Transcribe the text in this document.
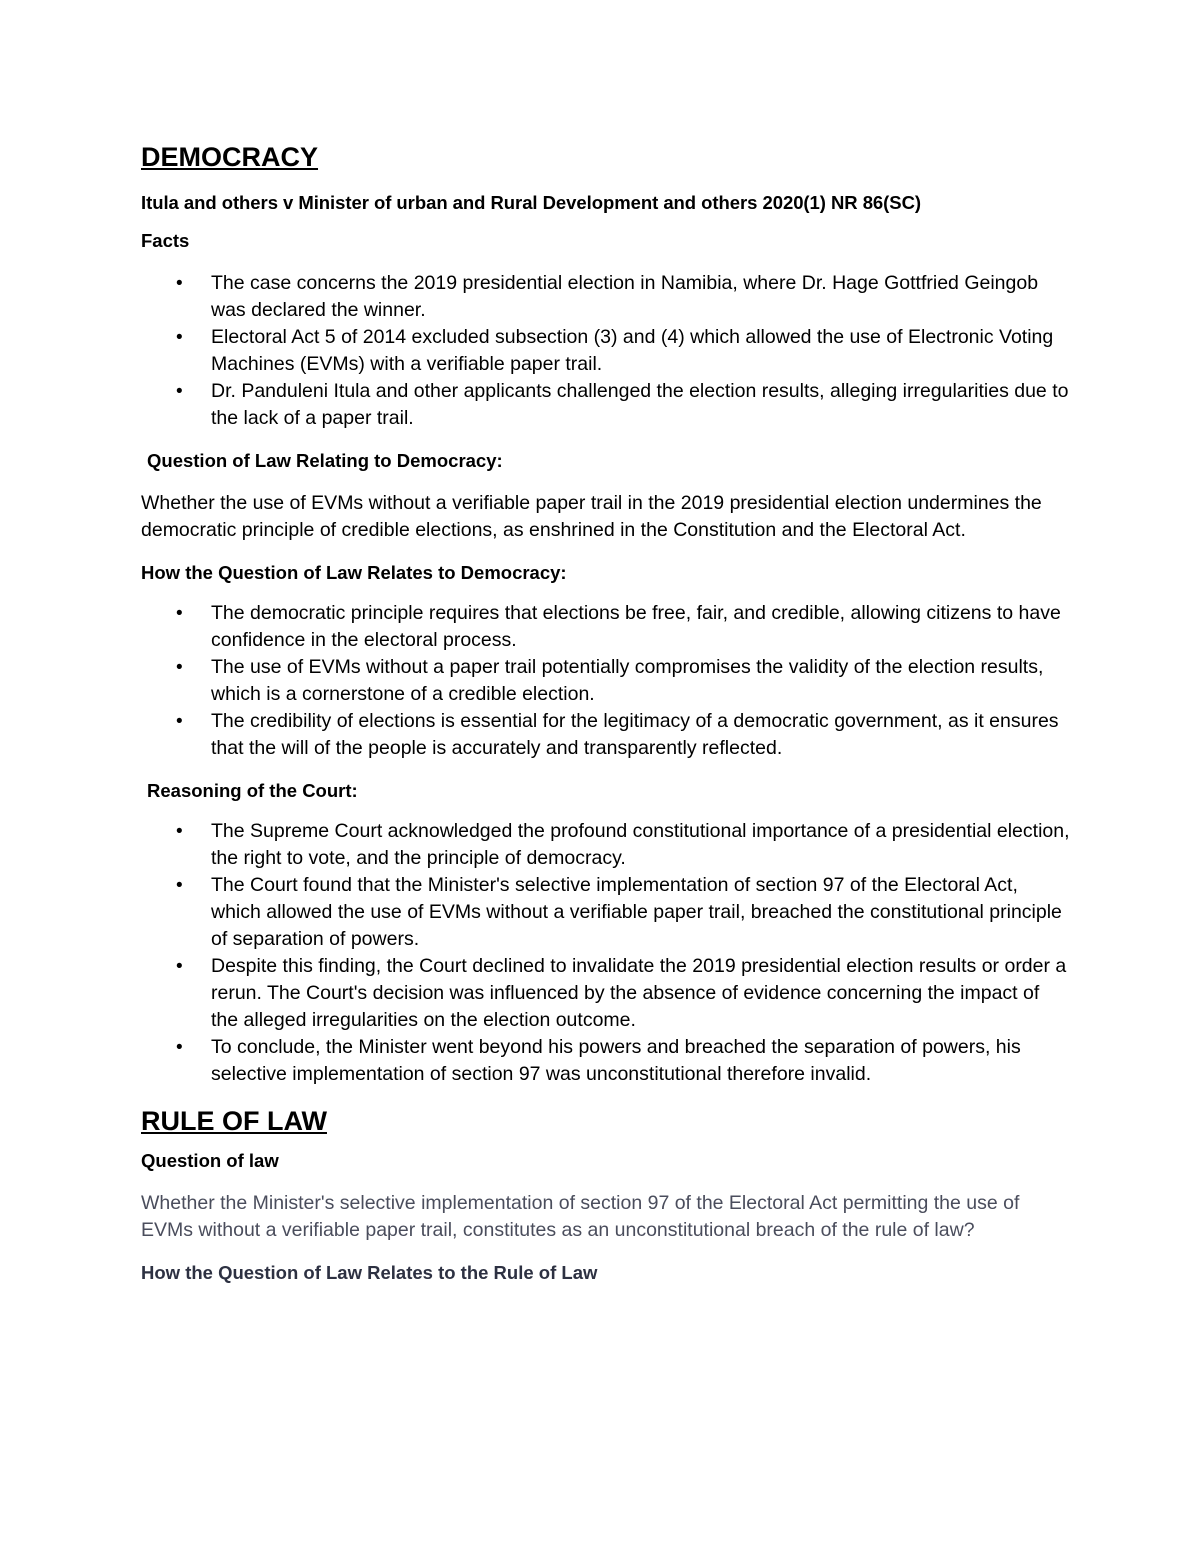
DEMOCRACY
Itula and others v Minister of urban and Rural Development and others 2020(1) NR 86(SC)
Facts
• The case concerns the 2019 presidential election in Namibia, where Dr. Hage Gottfried Geingob was declared the winner.
• Electoral Act 5 of 2014 excluded subsection (3) and (4) which allowed the use of Electronic Voting Machines (EVMs) with a verifiable paper trail.
• Dr. Panduleni Itula and other applicants challenged the election results, alleging irregularities due to the lack of a paper trail.
Question of Law Relating to Democracy:

Whether the use of EVMs without a verifiable paper trail in the 2019 presidential election undermines the democratic principle of credible elections, as enshrined in the Constitution and the Electoral Act.

How the Question of Law Relates to Democracy:
• The democratic principle requires that elections be free, fair, and credible, allowing citizens to have confidence in the electoral process.
• The use of EVMs without a paper trail potentially compromises the validity of the election results, which is a cornerstone of a credible election.
• The credibility of elections is essential for the legitimacy of a democratic government, as it ensures that the will of the people is accurately and transparently reflected.
Reasoning of the Court:
• The Supreme Court acknowledged the profound constitutional importance of a presidential election, the right to vote, and the principle of democracy.
• The Court found that the Minister's selective implementation of section 97 of the Electoral Act, which allowed the use of EVMs without a verifiable paper trail, breached the constitutional principle of separation of powers.
• Despite this finding, the Court declined to invalidate the 2019 presidential election results or order a rerun. The Court's decision was influenced by the absence of evidence concerning the impact of the alleged irregularities on the election outcome.
• To conclude, the Minister went beyond his powers and breached the separation of powers, his selective implementation of section 97 was unconstitutional therefore invalid.
RULE OF LAW
Question of law

Whether the Minister's selective implementation of section 97 of the Electoral Act permitting the use of EVMs without a verifiable paper trail, constitutes as an unconstitutional breach of the rule of law?

How the Question of Law Relates to the Rule of Law
